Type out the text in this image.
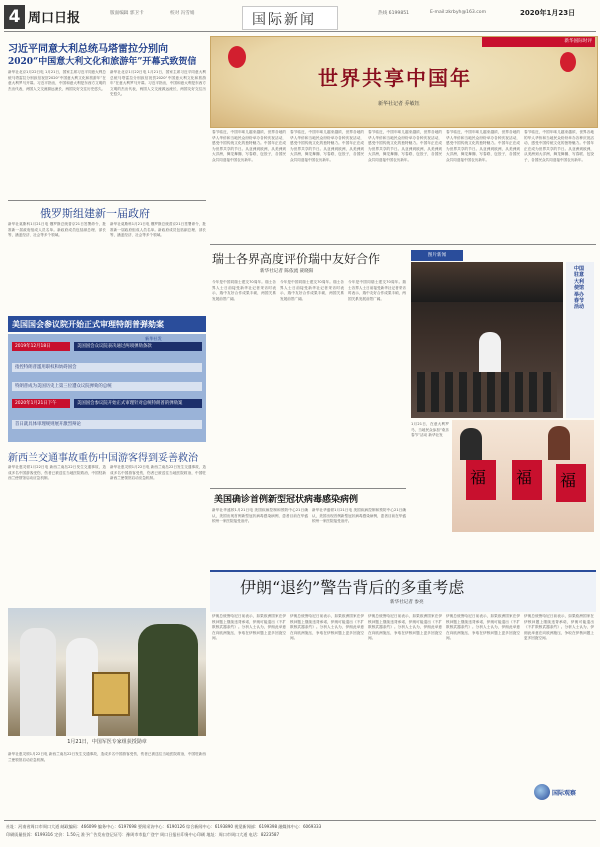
4 周口日报	版面编辑 郭卫卡	校对 冯雪娟	国际新闻	热线 6199851	E-mail:zkrbyh@163.com	2020年1月23日
习近平同意大利总统马塔雷拉分别向
2020“中国意大利文化和旅游年”开幕式致贺信
新华社北京1月22日电 1月21日，国家主席习近平同意大利总统马塔雷拉分别致信祝贺2020“中国意大利文化和旅游年”在意大利罗马开幕。习近平指出，中国和意大利是东西方文明的杰出代表，两国人文交流源远流长，两国友好交往历史悠久。
新华社北京1月22日电 1月21日，国家主席习近平同意大利总统马塔雷拉分别致信祝贺2020“中国意大利文化和旅游年”在意大利罗马开幕。习近平指出，中国和意大利是东西方文明的杰出代表，两国人文交流源远流长，两国友好交往历史悠久。
俄罗斯组建新一届政府
新华社莫斯科1月21日电 俄罗斯总统普京21日签署命令，批准新一届政府组成人员名单。新政府成员包括副总理、部长等，涵盖经济、社会等多个领域。
新华社莫斯科1月21日电 俄罗斯总统普京21日签署命令，批准新一届政府组成人员名单。新政府成员包括副总理、部长等，涵盖经济、社会等多个领域。
美国国会参议院开始正式审理特朗普弹劾案
新华社发
2019年12月18日	美国国会众议院表决通过两项弹劾条款
指控特朗普滥用职权和妨碍国会
特朗普成为美国历史上第三位遭众议院弹劾的总统
2020年1月21日下午	美国国会参议院开始正式审理针对总统特朗普的弹劾案
首日就具体审理规则展开激烈辩论
新西兰交通事故重伤中国游客得到妥善救治
新华社惠灵顿1月22日电 新西兰南岛22日发生交通事故，造成多名中国游客受伤，伤者已被送往当地医院救治，中国驻新西兰使领馆启动应急机制。
新华社惠灵顿1月22日电 新西兰南岛22日发生交通事故，造成多名中国游客受伤，伤者已被送往当地医院救治，中国驻新西兰使领馆启动应急机制。
1月21日，中国军医专家组获授勋章
新华社惠灵顿1月22日电 新西兰南岛22日发生交通事故，造成多名中国游客受伤，伤者已被送往当地医院救治，中国驻新西兰使领馆启动应急机制。
新华国际时评
世界共享中国年
新华社记者 乔敏钰
春节临近，中国年味儿越来越浓，世界各地的华人华侨和当地民众纷纷举办各种庆祝活动，感受中国传统文化的独特魅力。中国年正在成为世界共享的节日。从亚洲到欧洲，从美洲到大洋洲，舞龙舞狮、写春联、包饺子，各国民众共同迎接中国农历新年。
春节临近，中国年味儿越来越浓，世界各地的华人华侨和当地民众纷纷举办各种庆祝活动，感受中国传统文化的独特魅力。中国年正在成为世界共享的节日。从亚洲到欧洲，从美洲到大洋洲，舞龙舞狮、写春联、包饺子，各国民众共同迎接中国农历新年。
春节临近，中国年味儿越来越浓，世界各地的华人华侨和当地民众纷纷举办各种庆祝活动，感受中国传统文化的独特魅力。中国年正在成为世界共享的节日。从亚洲到欧洲，从美洲到大洋洲，舞龙舞狮、写春联、包饺子，各国民众共同迎接中国农历新年。
春节临近，中国年味儿越来越浓，世界各地的华人华侨和当地民众纷纷举办各种庆祝活动，感受中国传统文化的独特魅力。中国年正在成为世界共享的节日。从亚洲到欧洲，从美洲到大洋洲，舞龙舞狮、写春联、包饺子，各国民众共同迎接中国农历新年。
春节临近，中国年味儿越来越浓，世界各地的华人华侨和当地民众纷纷举办各种庆祝活动，感受中国传统文化的独特魅力。中国年正在成为世界共享的节日。从亚洲到欧洲，从美洲到大洋洲，舞龙舞狮、写春联、包饺子，各国民众共同迎接中国农历新年。
瑞士各界高度评价瑞中友好合作
新华社记者 陈依流 聂晓阳
今年是中国同瑞士建交70周年。瑞士各界人士日前接受新华社记者采访时表示，瑞中友好合作成果丰硕，两国关系发展前景广阔。
今年是中国同瑞士建交70周年。瑞士各界人士日前接受新华社记者采访时表示，瑞中友好合作成果丰硕，两国关系发展前景广阔。
今年是中国同瑞士建交70周年。瑞士各界人士日前接受新华社记者采访时表示，瑞中友好合作成果丰硕，两国关系发展前景广阔。
图片新闻
中国驻意大利使馆举办春节活动
1月21日，在意大利罗马，当地民众参加“欢乐春节”活动 新华社发
福 福 福
美国确诊首例新型冠状病毒感染病例
新华社华盛顿1月21日电 美国疾病控制和预防中心21日确认，美国出现首例新型冠状病毒感染病例，患者目前在华盛顿州一家医院接受治疗。
新华社华盛顿1月21日电 美国疾病控制和预防中心21日确认，美国出现首例新型冠状病毒感染病例，患者目前在华盛顿州一家医院接受治疗。
伊朗“退约”警告背后的多重考虑
新华社记者 参亮
伊朗总统鲁哈尼日前表示，如果欧洲国家在伊核问题上继续违背承诺，伊朗可能退出《不扩散核武器条约》。分析人士认为，伊朗此举意在向欧洲施压，争取在伊核问题上更多回旋空间。
伊朗总统鲁哈尼日前表示，如果欧洲国家在伊核问题上继续违背承诺，伊朗可能退出《不扩散核武器条约》。分析人士认为，伊朗此举意在向欧洲施压，争取在伊核问题上更多回旋空间。
伊朗总统鲁哈尼日前表示，如果欧洲国家在伊核问题上继续违背承诺，伊朗可能退出《不扩散核武器条约》。分析人士认为，伊朗此举意在向欧洲施压，争取在伊核问题上更多回旋空间。
伊朗总统鲁哈尼日前表示，如果欧洲国家在伊核问题上继续违背承诺，伊朗可能退出《不扩散核武器条约》。分析人士认为，伊朗此举意在向欧洲施压，争取在伊核问题上更多回旋空间。
伊朗总统鲁哈尼日前表示，如果欧洲国家在伊核问题上继续违背承诺，伊朗可能退出《不扩散核武器条约》。分析人士认为，伊朗此举意在向欧洲施压，争取在伊核问题上更多回旋空间。
国际观察
社址：河南省周口市周口大道 邮政编码：466099 编务中心：6197698 要闻采访中心：6190126 综合新闻中心：6193890 视觉新闻部：6199398 融媒体中心：6069333
印刷质量投诉：6199316 定价：1.50元 准予广告发布登记证号：豫周市市监广登字 周口日报社印务中心印刷 地址：周口市周口大道 电话：8223587
